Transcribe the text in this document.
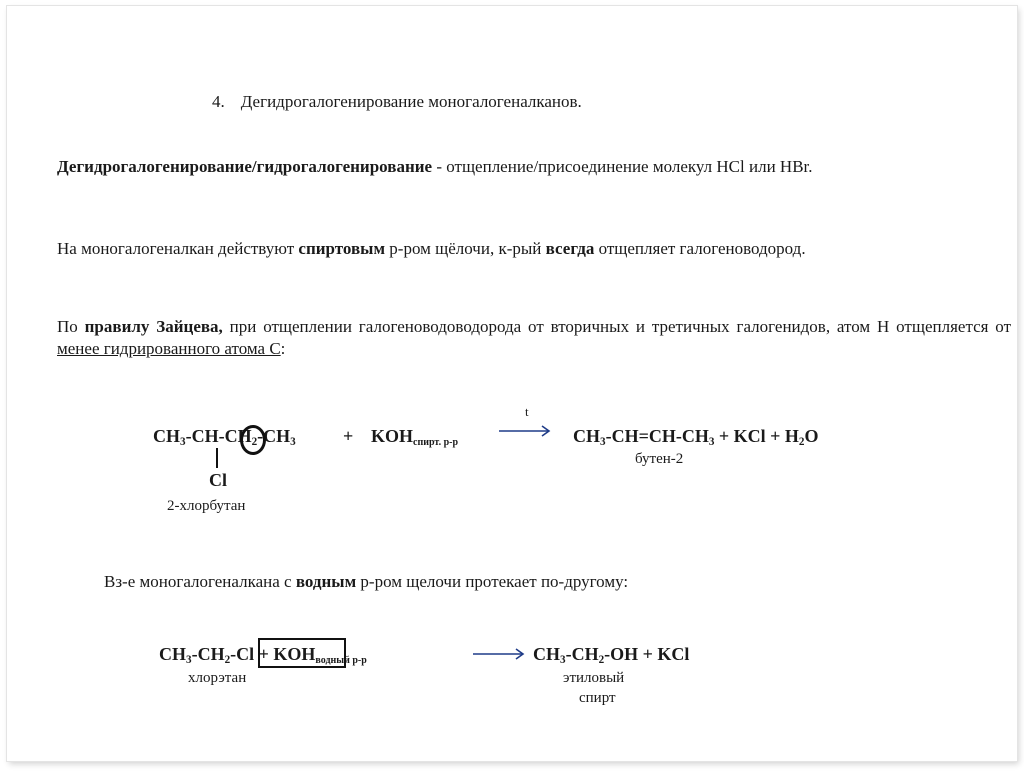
4. Дегидрогалогенирование моногалогеналканов.
Дегидрогалогенирование/гидрогалогенирование - отщепление/присоединение молекул HCl или HBr.
На моногалогеналкан действуют спиртовым р-ром щёлочи, к-рый всегда отщепляет галогеноводород.
По правилу Зайцева, при отщеплении галогеноводоводорода от вторичных и третичных галогенидов, атом Н отщепляется от менее гидрированного атома С:
$CH_3-CH-CH_2-CH_3$	+ KOHспирт. р-р
t
$CH_3-CH=CH-CH_3$ + KCl + $H_2O$
Cl
2-хлорбутан
бутен-2
Вз-е моногалогеналкана с водным р-ром щелочи протекает по-другому:
$CH_3-CH_2-Cl$ + KOHводный р-р	$CH_3-CH_2-OH$ + KCl
хлорэтан	этиловый
спирт
